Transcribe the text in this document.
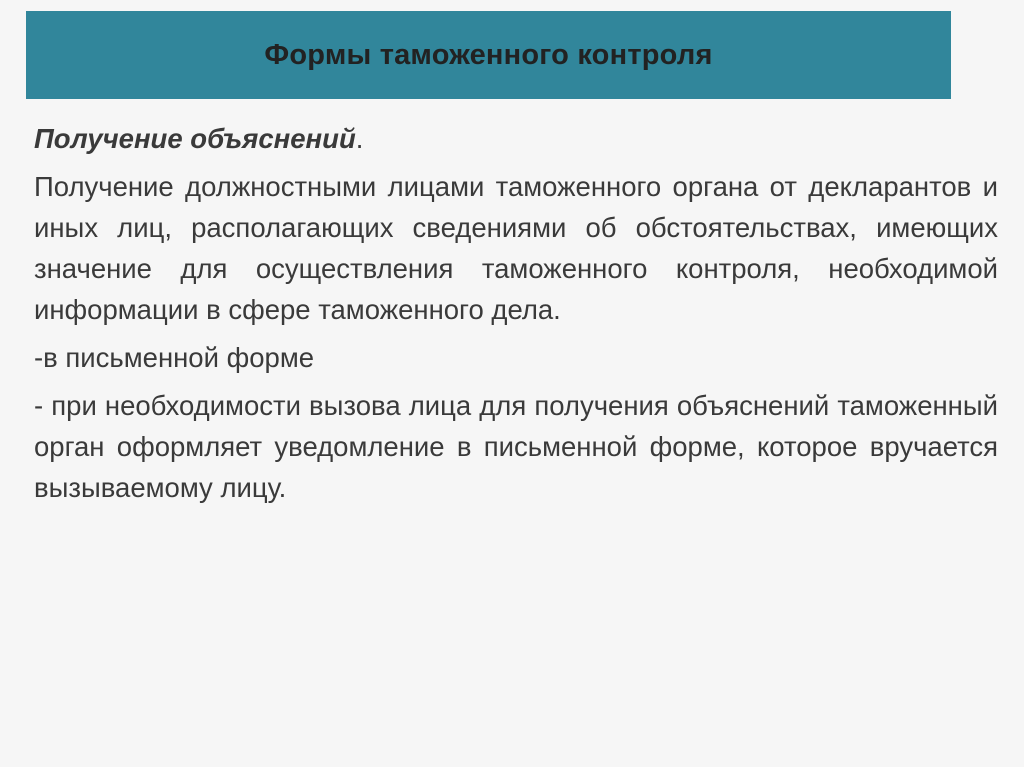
Формы таможенного контроля

Получение объяснений.

Получение должностными лицами таможенного органа от декларантов и иных лиц, располагающих сведениями об обстоятельствах, имеющих значение для осуществления таможенного контроля, необходимой информации в сфере таможенного дела.

-в письменной форме

- при необходимости вызова лица для получения объяснений таможенный орган оформляет уведомление в письменной форме, которое вручается вызываемому лицу.
